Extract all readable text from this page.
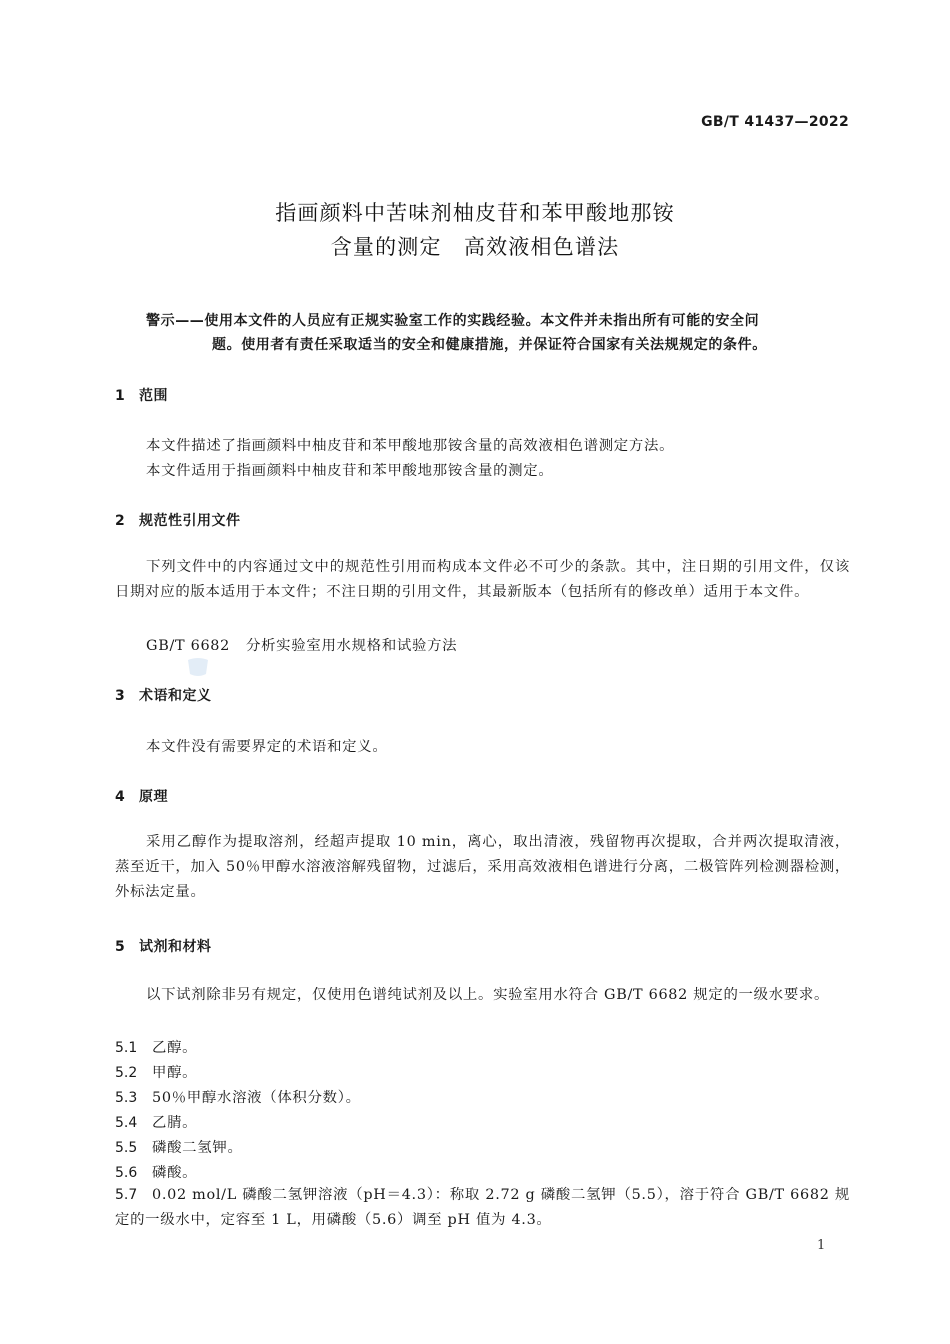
GB/T 41437—2022
指画颜料中苦味剂柚皮苷和苯甲酸地那铵
含量的测定　高效液相色谱法
警示——使用本文件的人员应有正规实验室工作的实践经验。本文件并未指出所有可能的安全问
题。使用者有责任采取适当的安全和健康措施，并保证符合国家有关法规规定的条件。
1 范围
本文件描述了指画颜料中柚皮苷和苯甲酸地那铵含量的高效液相色谱测定方法。
本文件适用于指画颜料中柚皮苷和苯甲酸地那铵含量的测定。
2 规范性引用文件

下列文件中的内容通过文中的规范性引用而构成本文件必不可少的条款。其中，注日期的引用文件，仅该日期对应的版本适用于本文件；不注日期的引用文件，其最新版本（包括所有的修改单）适用于本文件。

GB/T 6682 分析实验室用水规格和试验方法
3 术语和定义
本文件没有需要界定的术语和定义。
4 原理

采用乙醇作为提取溶剂，经超声提取 10 min，离心，取出清液，残留物再次提取，合并两次提取清液，蒸至近干，加入 50％甲醇水溶液溶解残留物，过滤后，采用高效液相色谱进行分离，二极管阵列检测器检测，外标法定量。

5 试剂和材料

以下试剂除非另有规定，仅使用色谱纯试剂及以上。实验室用水符合 GB/T 6682 规定的一级水要求。

5.1 乙醇。
5.2 甲醇。
5.3 50％甲醇水溶液（体积分数）。
5.4 乙腈。
5.5 磷酸二氢钾。
5.6 磷酸。

5.7 0.02 mol/L 磷酸二氢钾溶液（pH＝4.3）：称取 2.72 g 磷酸二氢钾（5.5），溶于符合 GB/T 6682 规定的一级水中，定容至 1 L，用磷酸（5.6）调至 pH 值为 4.3。

1
